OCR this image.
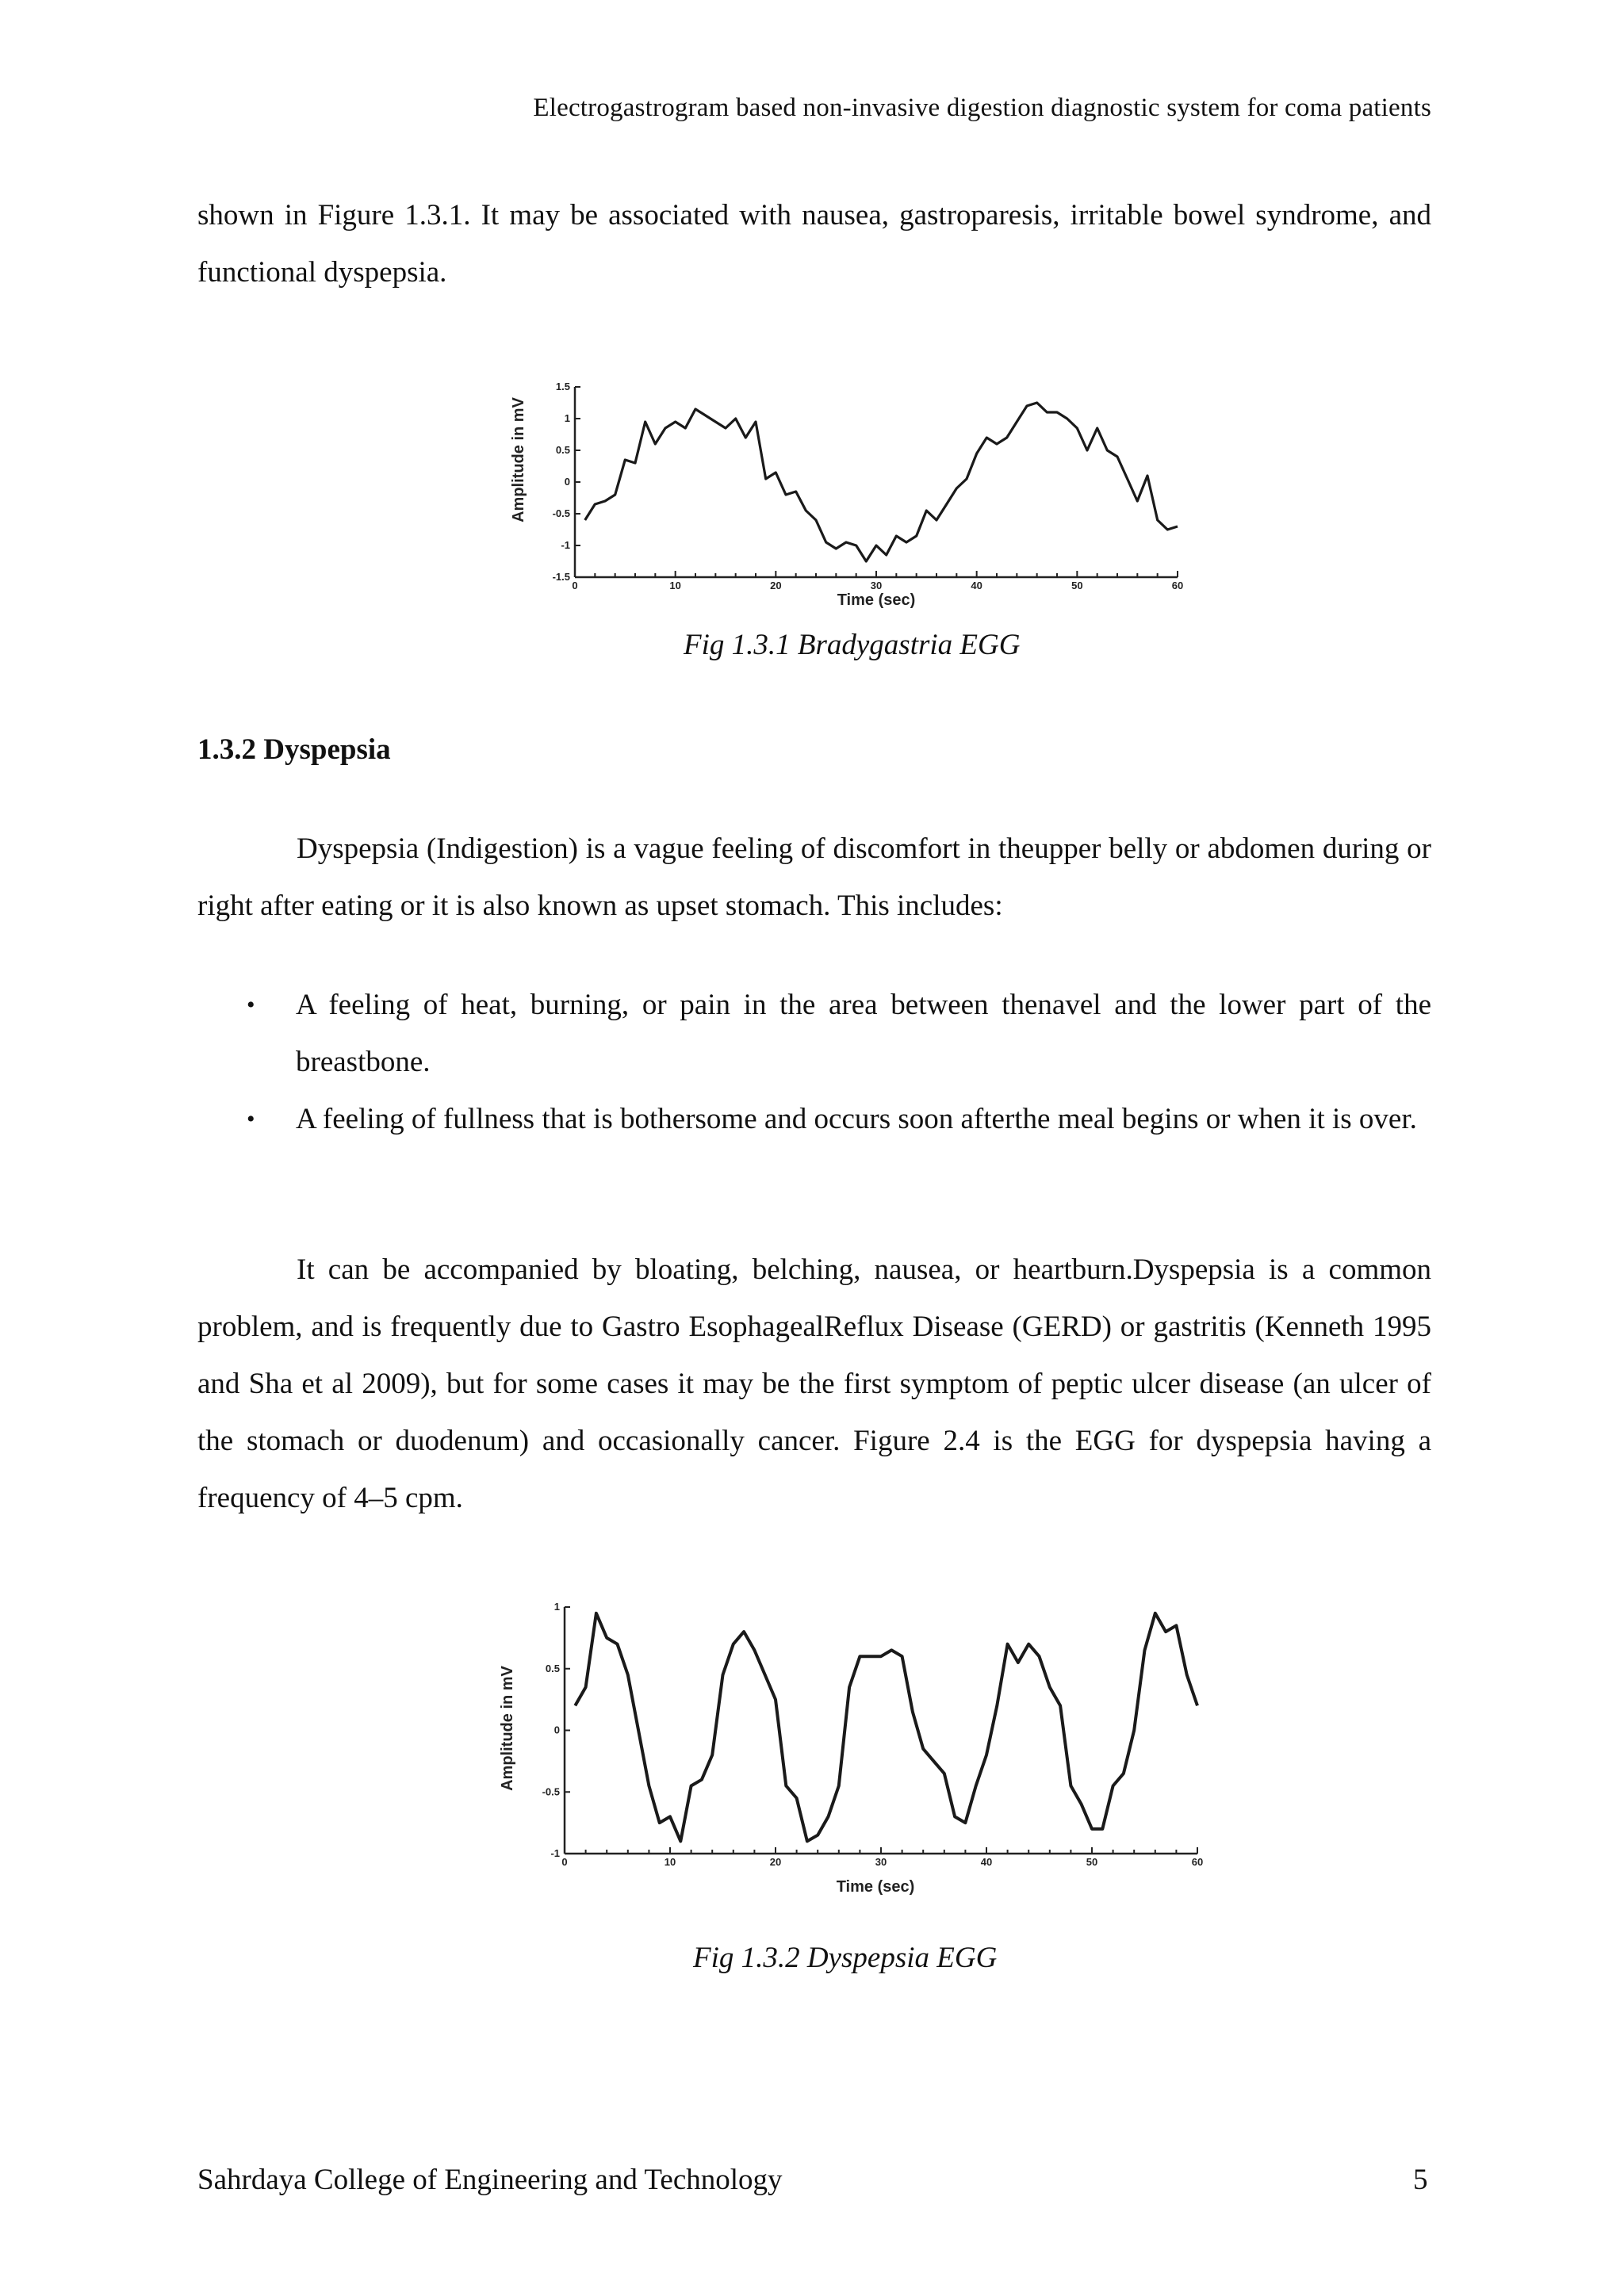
Electrogastrogram based non-invasive digestion diagnostic system for coma patients
shown in Figure 1.3.1. It may be associated with nausea, gastroparesis, irritable bowel syndrome, and functional dyspepsia.
Amplitude in mV
Time (sec)
0	10	20	30	40	50	60
1.5
1
0.5
0
-0.5
-1
-1.5
Fig 1.3.1 Bradygastria EGG
1.3.2 Dyspepsia
Dyspepsia (Indigestion) is a vague feeling of discomfort in theupper belly or abdomen during or right after eating or it is also known as upset stomach. This includes:
• A feeling of heat, burning, or pain in the area between thenavel and the lower part of the breastbone.
• A feeling of fullness that is bothersome and occurs soon afterthe meal begins or when it is over.
It can be accompanied by bloating, belching, nausea, or heartburn.Dyspepsia is a common problem, and is frequently due to Gastro EsophagealReflux Disease (GERD) or gastritis (Kenneth 1995 and Sha et al 2009), but for some cases it may be the first symptom of peptic ulcer disease (an ulcer of the stomach or duodenum) and occasionally cancer. Figure 2.4 is the EGG for dyspepsia having a frequency of 4–5 cpm.
Amplitude in mV
Time (sec)
0	10	20	30	40	50	60
1
0.5
0
-0.5
-1
Fig 1.3.2 Dyspepsia EGG
Sahrdaya College of Engineering and Technology	5
